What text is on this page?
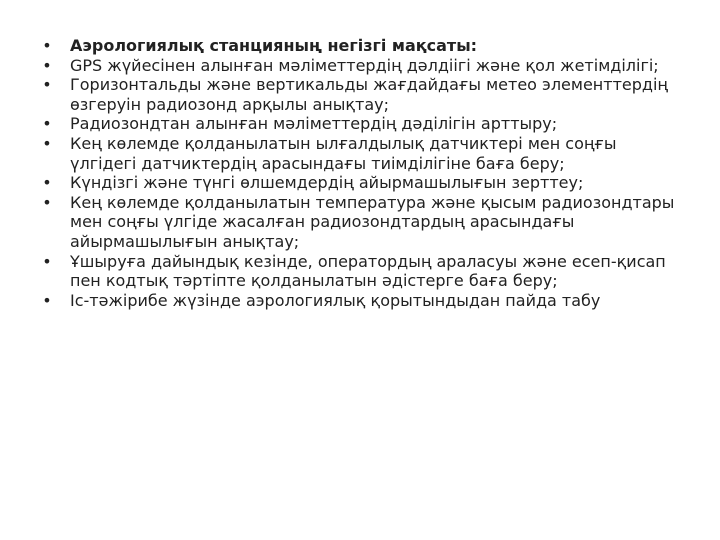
• Аэрологиялық станцияның негізгі мақсаты:
• GPS жүйесінен алынған мәліметтердің дәлдіігі және қол жетімділігі;
• Горизонтальды және вертикальды жағдайдағы метео элементтердің өзгеруін радиозонд арқылы анықтау;
• Радиозондтан алынған мәліметтердің дәділігін арттыру;
• Кең көлемде қолданылатын ылғалдылық датчиктері мен соңғы үлгідегі датчиктердің арасындағы тиімділігіне баға беру;
• Күндізгі және түнгі өлшемдердің айырмашылығын зерттеу;
• Кең көлемде қолданылатын температура және қысым радиозондтары мен соңғы үлгіде жасалған радиозондтардың арасындағы айырмашылығын анықтау;
• Ұшыруға дайындық кезінде, оператордың араласуы және есеп-қисап пен кодтық тәртіпте қолданылатын әдістерге баға беру;
• Іс-тәжірибе жүзінде аэрологиялық қорытындыдан пайда табу
